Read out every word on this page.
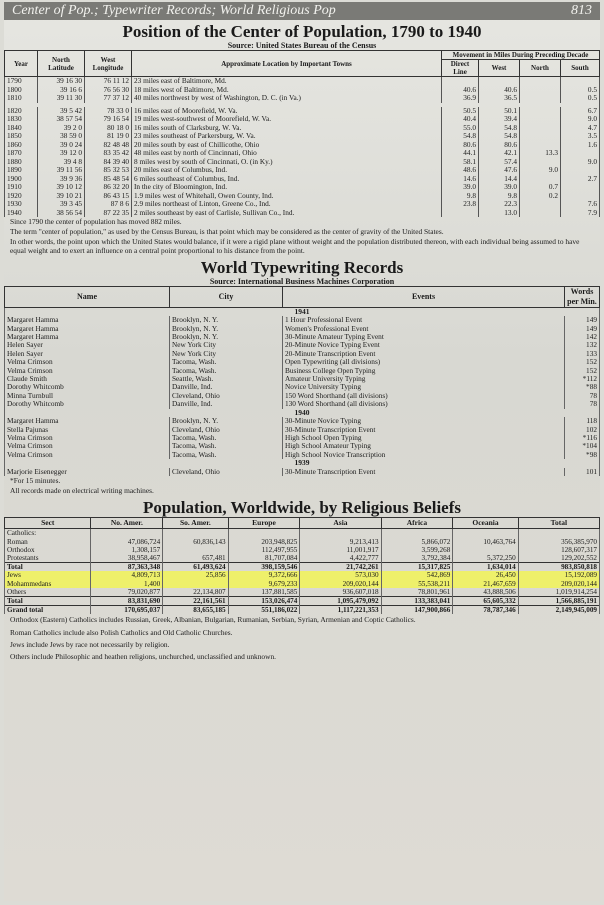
Center of Pop.; Typewriter Records; World Religious Pop	813
Position of the Center of Population, 1790 to 1940
Source: United States Bureau of the Census
Year	North Latitude	West Longitude	Approximate Location by Important Towns	Movement in Miles During Preceding Decade			
				Direct Line	West	North	South
1790	39 16 30	76 11 12	23 miles east of Baltimore, Md.				
1800	39 16 6	76 56 30	18 miles west of Baltimore, Md.	40.6	40.6		0.5
1810	39 11 30	77 37 12	40 miles northwest by west of Washington, D. C. (in Va.)	36.9	36.5		0.5

1820	39 5 42	78 33 0	16 miles east of Moorefield, W. Va.	50.5	50.1		6.7
1830	38 57 54	79 16 54	19 miles west-southwest of Moorefield, W. Va.	40.4	39.4		9.0
1840	39 2 0	80 18 0	16 miles south of Clarksburg, W. Va.	55.0	54.8		4.7
1850	38 59 0	81 19 0	23 miles southeast of Parkersburg, W. Va.	54.8	54.8		3.5
1860	39 0 24	82 48 48	20 miles south by east of Chillicothe, Ohio	80.6	80.6		1.6
1870	39 12 0	83 35 42	48 miles east by north of Cincinnati, Ohio	44.1	42.1	13.3	
1880	39 4 8	84 39 40	8 miles west by south of Cincinnati, O. (in Ky.)	58.1	57.4		9.0
1890	39 11 56	85 32 53	20 miles east of Columbus, Ind.	48.6	47.6	9.0	
1900	39 9 36	85 48 54	6 miles southeast of Columbus, Ind.	14.6	14.4		2.7
1910	39 10 12	86 32 20	In the city of Bloomington, Ind.	39.0	39.0	0.7	
1920	39 10 21	86 43 15	1.9 miles west of Whitehall, Owen County, Ind.	9.8	9.8	0.2	
1930	39 3 45	87 8 6	2.9 miles northeast of Linton, Greene Co., Ind.	23.8	22.3		7.6
1940	38 56 54	87 22 35	2 miles southeast by east of Carlisle, Sullivan Co., Ind.		13.0		7.9
Since 1790 the center of population has moved 882 miles.
The term "center of population," as used by the Census Bureau, is that point which may be considered as the center of gravity of the United States.
In other words, the point upon which the United States would balance, if it were a rigid plane without weight and the population distributed thereon, with each individual being assumed to have equal weight and to exert an influence on a central point proportional to his distance from the point.
World Typewriting Records
Source: International Business Machines Corporation
Name	City	Events	Words per Min.
1941			
Margaret Hamma	Brooklyn, N. Y.	1 Hour Professional Event	149
Margaret Hamma	Brooklyn, N. Y.	Women's Professional Event	149
Margaret Hamma	Brooklyn, N. Y.	30-Minute Amateur Typing Event	142
Helen Sayer	New York City	20-Minute Novice Typing Event	132
Helen Sayer	New York City	20-Minute Transcription Event	133
Velma Crimson	Tacoma, Wash.	Open Typewriting (all divisions)	152
Velma Crimson	Tacoma, Wash.	Business College Open Typing	152
Claude Smith	Seattle, Wash.	Amateur University Typing	*112
Dorothy Whitcomb	Danville, Ind.	Novice University Typing	*88
Minna Turnbull	Cleveland, Ohio	150 Word Shorthand (all divisions)	78
Dorothy Whitcomb	Danville, Ind.	130 Word Shorthand (all divisions)	78
1940			
Margaret Hamma	Brooklyn, N. Y.	30-Minute Novice Typing	118
Stella Pajunas	Cleveland, Ohio	30-Minute Transcription Event	102
Velma Crimson	Tacoma, Wash.	High School Open Typing	*116
Velma Crimson	Tacoma, Wash.	High School Amateur Typing	*104
Velma Crimson	Tacoma, Wash.	High School Novice Transcription	*98
1939			
Marjorie Eisenegger	Cleveland, Ohio	30-Minute Transcription Event	101
*For 15 minutes.
All records made on electrical writing machines.
Population, Worldwide, by Religious Beliefs
Sect	No. Amer.	So. Amer.	Europe	Asia	Africa	Oceania	Total
Catholics:							
Roman	47,086,724	60,836,143	203,948,825	9,213,413	5,866,072	10,463,764	356,385,970
Orthodox	1,308,157		112,497,955	11,001,917	3,599,268		128,607,317
Protestants	38,958,467	657,481	81,707,084	4,422,777	3,792,384	5,372,250	129,202,552
Total	87,363,348	61,493,624	398,159,546	21,742,261	15,317,825	1,634,014	983,850,818
Jews	4,809,713	25,856	9,372,666	573,030	542,869	26,450	15,192,089
Mohammedans	1,400		9,679,233	209,020,144	55,538,211	21,467,659	209,020,144
Others	79,020,877	22,134,807	137,881,585	936,607,018	78,801,961	43,888,506	1,019,914,254
Total	83,831,690	22,161,561	153,026,474	1,095,479,092	133,383,041	65,605,332	1,566,885,191
Grand total	170,695,037	83,655,185	551,186,022	1,117,221,353	147,900,866	78,787,346	2,149,945,009
Orthodox (Eastern) Catholics includes Russian, Greek, Albanian, Bulgarian, Rumanian, Serbian, Syrian, Armenian and Coptic Catholics.
Roman Catholics include also Polish Catholics and Old Catholic Churches.
Jews include Jews by race not necessarily by religion.
Others include Philosophic and heathen religions, unchurched, unclassified and unknown.
